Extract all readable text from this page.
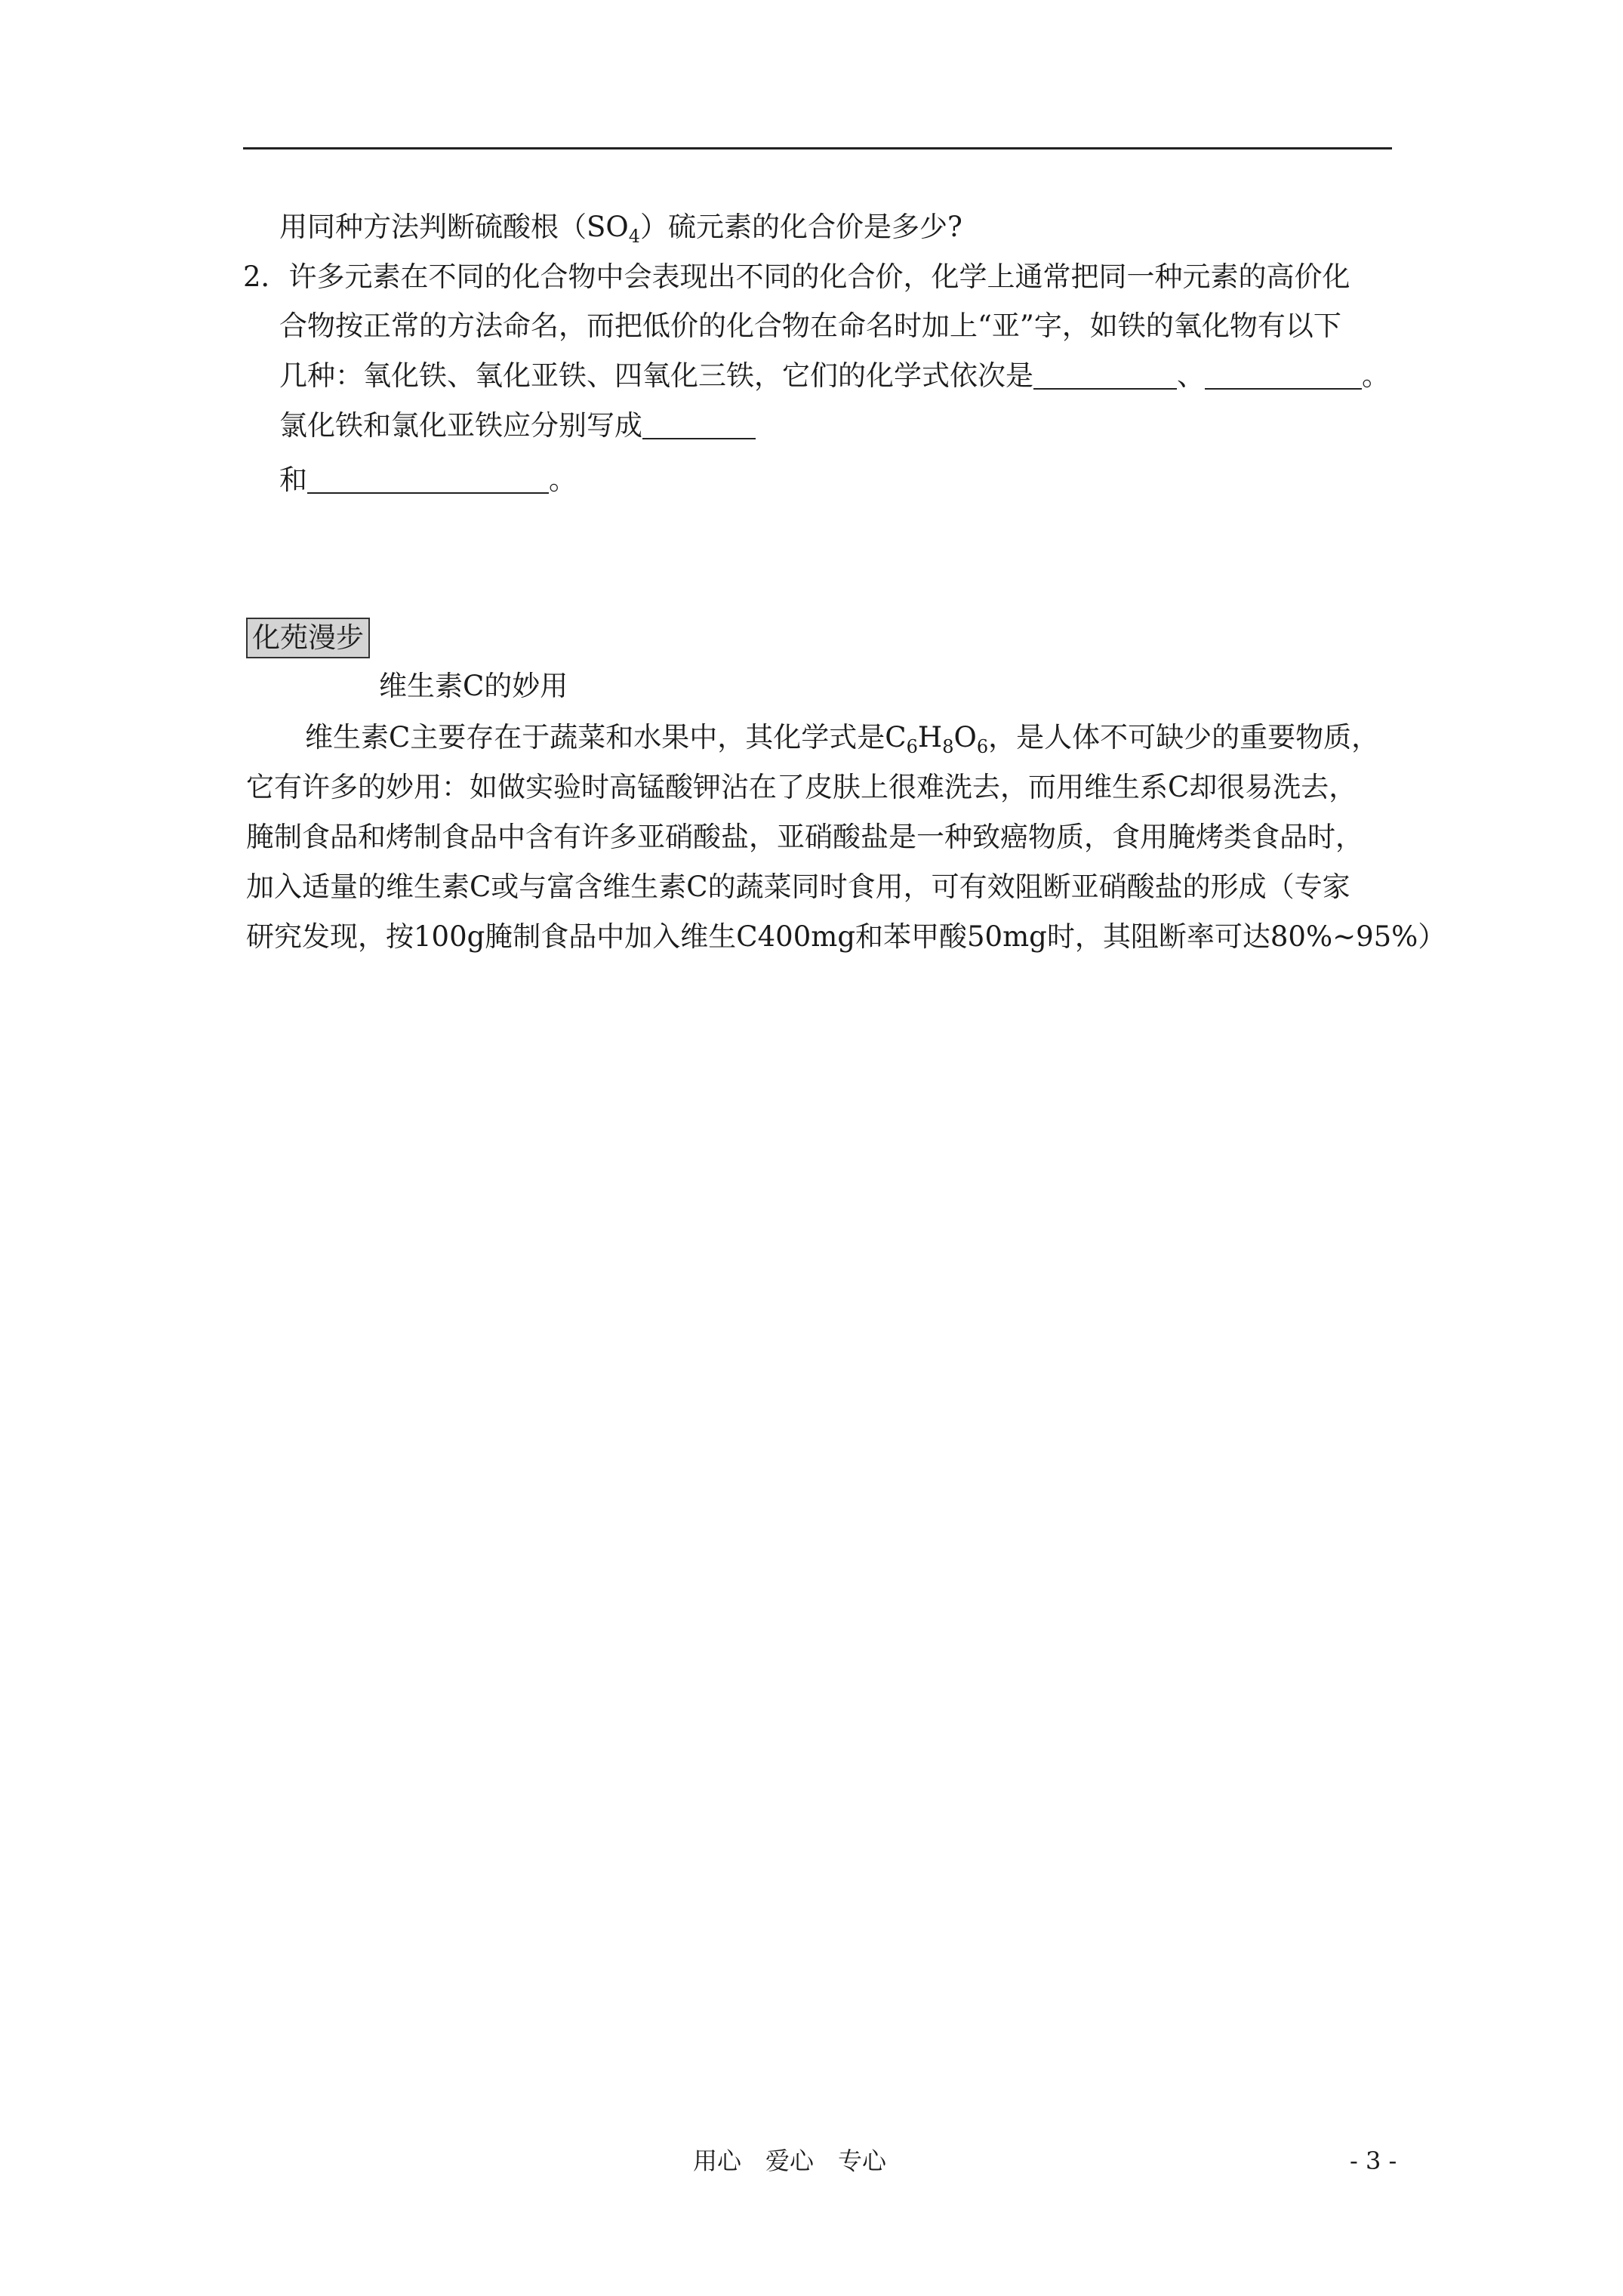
用同种方法判断硫酸根$(SO_4)$硫元素的化合价是多少?
2．许多元素在不同的化合物中会表现出不同的化合价，化学上通常把同一种元素的高价化
合物按正常的方法命名，而把低价的化合物在命名时加上“亚”字，如铁的氧化物有以下
几种：氧化铁、氧化亚铁、四氧化三铁，它们的化学式依次是	、	。
氯化铁和氯化亚铁应分别写成
和	。
化苑漫步
维生素C的妙用
维生素C主要存在于蔬菜和水果中，其化学式是$C_6H_8O_6$，是人体不可缺少的重要物质，
它有许多的妙用：如做实验时高锰酸钾沾在了皮肤上很难洗去，而用维生系C却很易洗去，
腌制食品和烤制食品中含有许多亚硝酸盐，亚硝酸盐是一种致癌物质，食用腌烤类食品时，
加入适量的维生素C或与富含维生素C的蔬菜同时食用，可有效阻断亚硝酸盐的形成（专家
研究发现，按100g腌制食品中加入维生C400mg和苯甲酸50mg时，其阻断率可达80%~95%）
用心　爱心　专心	- 3 -
